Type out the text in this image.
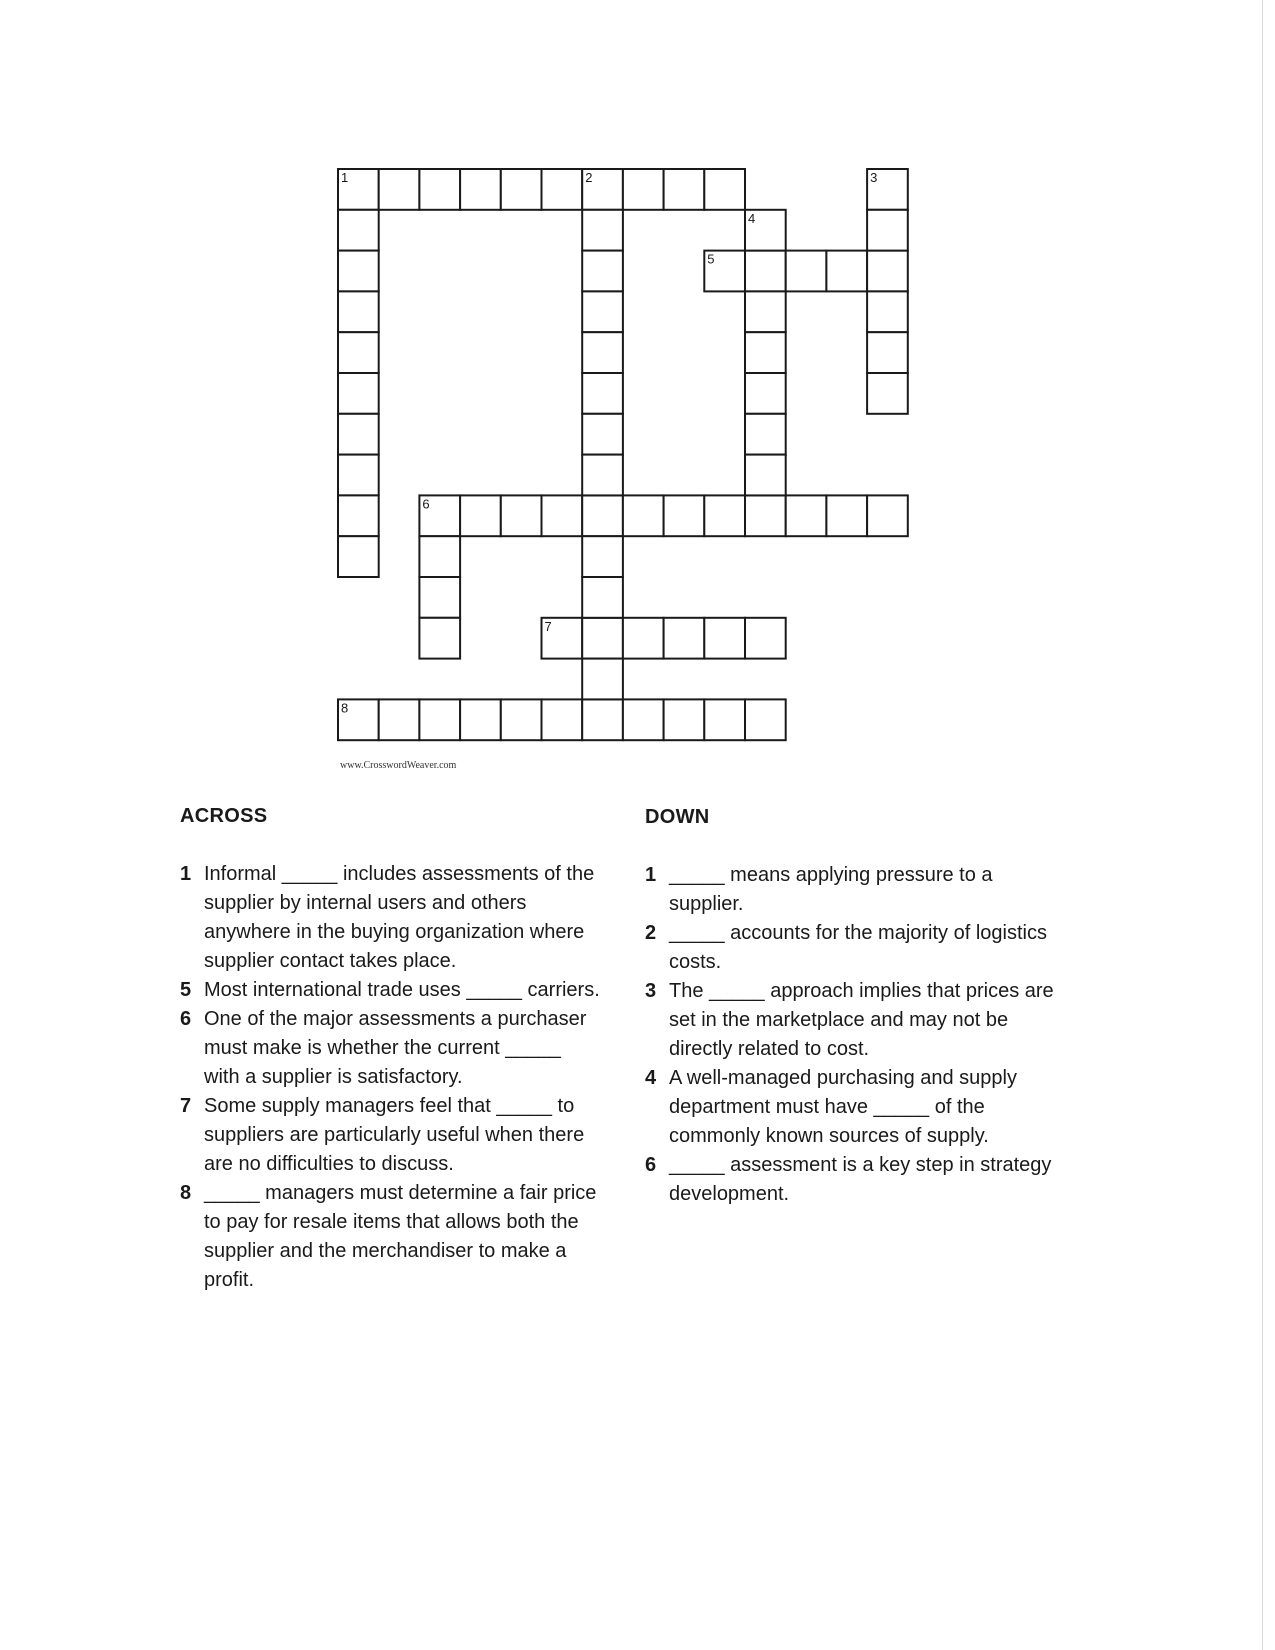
1	3
5
6
7
8
2
4
www.CrosswordWeaver.com
ACROSS	DOWN
1 Informal _____ includes assessments of the supplier by internal users and others anywhere in the buying organization where supplier contact takes place.
5 Most international trade uses _____ carriers.
6 One of the major assessments a purchaser must make is whether the current _____ with a supplier is satisfactory.
7 Some supply managers feel that _____ to suppliers are particularly useful when there are no difficulties to discuss.
8 _____ managers must determine a fair price to pay for resale items that allows both the supplier and the merchandiser to make a profit.
1 _____ means applying pressure to a supplier.
2 _____ accounts for the majority of logistics costs.
3 The _____ approach implies that prices are set in the marketplace and may not be directly related to cost.
4 A well-managed purchasing and supply department must have _____ of the commonly known sources of supply.
6 _____ assessment is a key step in strategy development.
